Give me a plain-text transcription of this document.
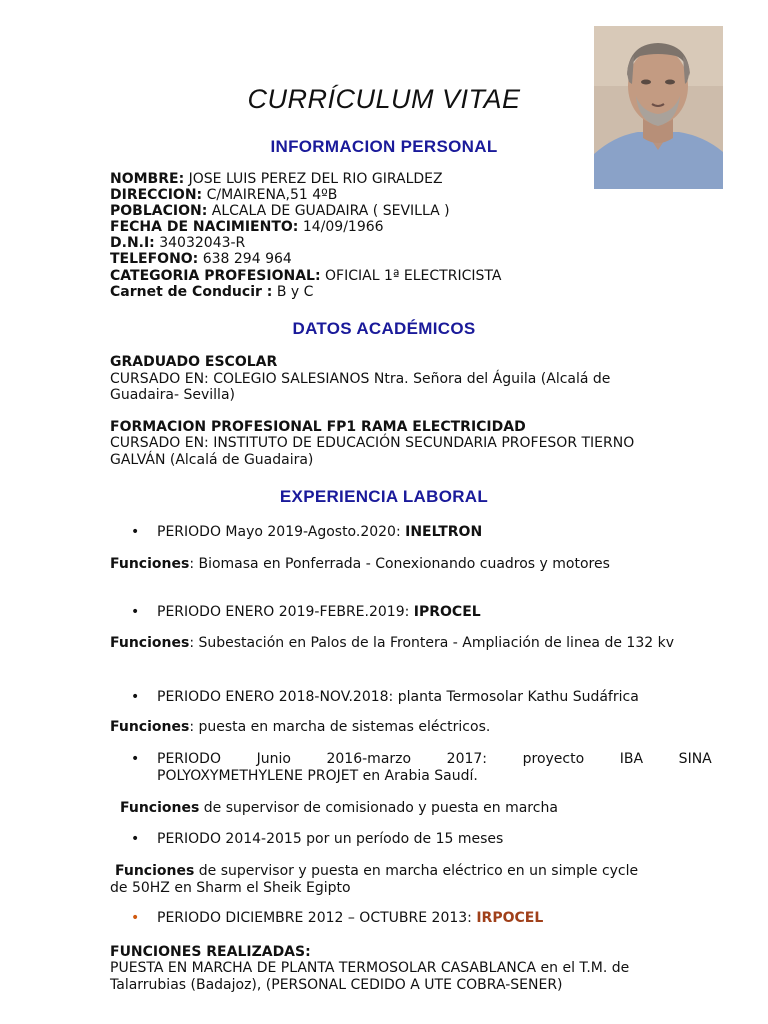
CURRÍCULUM VITAE
INFORMACION PERSONAL
NOMBRE: JOSE LUIS PEREZ DEL RIO GIRALDEZ
DIRECCION: C/MAIRENA,51 4ºB
POBLACION: ALCALA DE GUADAIRA ( SEVILLA )
FECHA DE NACIMIENTO: 14/09/1966
D.N.I: 34032043-R
TELEFONO: 638 294 964
CATEGORIA PROFESIONAL: OFICIAL 1ª ELECTRICISTA
Carnet de Conducir : B y C
DATOS ACADÉMICOS
GRADUADO ESCOLAR
CURSADO EN: COLEGIO SALESIANOS Ntra. Señora del Águila (Alcalá de
Guadaira- Sevilla)
FORMACION PROFESIONAL FP1 RAMA ELECTRICIDAD
CURSADO EN: INSTITUTO DE EDUCACIÓN SECUNDARIA PROFESOR TIERNO
GALVÁN (Alcalá de Guadaira)
EXPERIENCIA LABORAL
• PERIODO Mayo 2019-Agosto.2020: INELTRON
Funciones: Biomasa en Ponferrada - Conexionando cuadros y motores
• PERIODO ENERO 2019-FEBRE.2019: IPROCEL
Funciones: Subestación en Palos de la Frontera - Ampliación de linea de 132 kv
• PERIODO ENERO 2018-NOV.2018: planta Termosolar Kathu Sudáfrica
Funciones: puesta en marcha de sistemas eléctricos.
• PERIODO        Junio        2016-marzo        2017:        proyecto        IBA        SINA
POLYOXYMETHYLENE PROJET en Arabia Saudí.
Funciones de supervisor de comisionado y puesta en marcha
• PERIODO 2014-2015 por un período de 15 meses
Funciones de supervisor y puesta en marcha eléctrico en un simple cycle
de 50HZ en Sharm el Sheik Egipto
• PERIODO DICIEMBRE 2012 – OCTUBRE 2013: IRPOCEL
FUNCIONES REALIZADAS:
PUESTA EN MARCHA DE PLANTA TERMOSOLAR CASABLANCA en el T.M. de
Talarrubias (Badajoz), (PERSONAL CEDIDO A UTE COBRA-SENER)
